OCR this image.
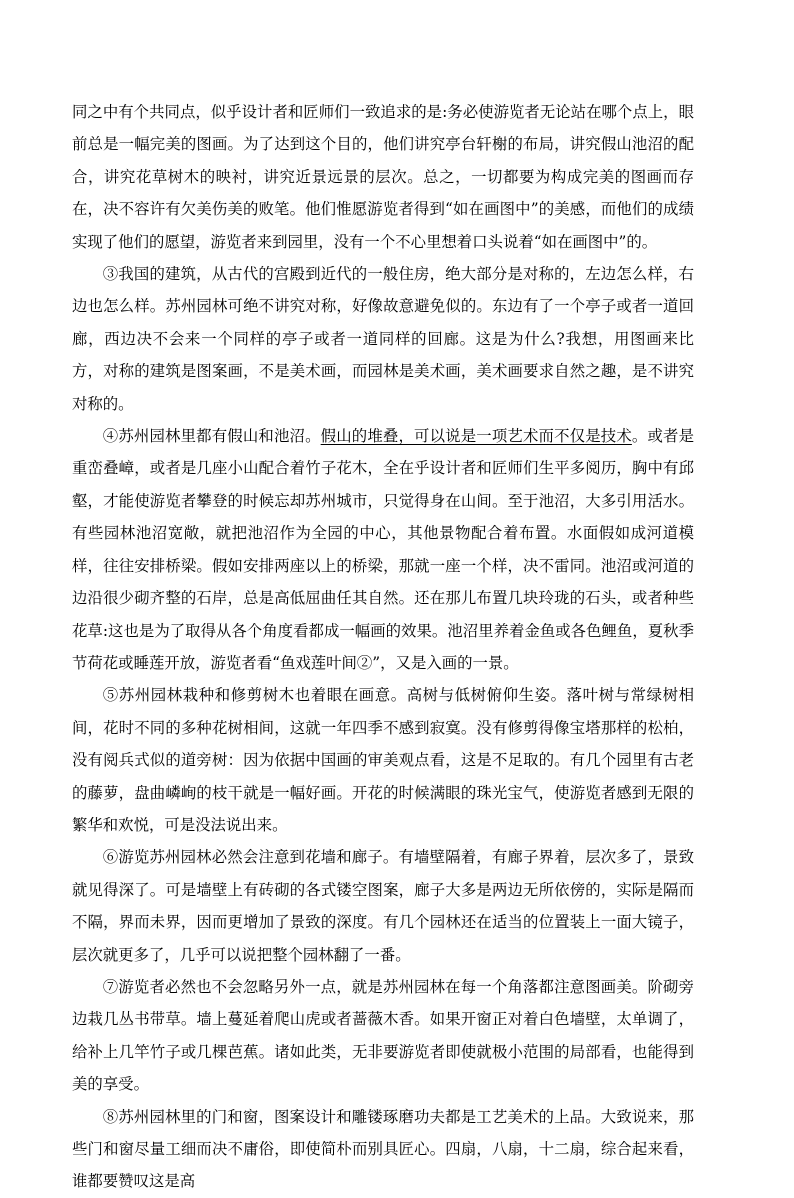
同之中有个共同点，似乎设计者和匠师们一致追求的是:务必使游览者无论站在哪个点上，眼前总是一幅完美的图画。为了达到这个目的，他们讲究亭台轩榭的布局，讲究假山池沼的配合，讲究花草树木的映衬，讲究近景远景的层次。总之，一切都要为构成完美的图画而存在，决不容许有欠美伤美的败笔。他们惟愿游览者得到“如在画图中”的美感，而他们的成绩实现了他们的愿望，游览者来到园里，没有一个不心里想着口头说着“如在画图中”的。

③我国的建筑，从古代的宫殿到近代的一般住房，绝大部分是对称的，左边怎么样，右边也怎么样。苏州园林可绝不讲究对称，好像故意避免似的。东边有了一个亭子或者一道回廊，西边决不会来一个同样的亭子或者一道同样的回廊。这是为什么?我想，用图画来比方，对称的建筑是图案画，不是美术画，而园林是美术画，美术画要求自然之趣，是不讲究对称的。

④苏州园林里都有假山和池沼。假山的堆叠，可以说是一项艺术而不仅是技术。或者是重峦叠嶂，或者是几座小山配合着竹子花木，全在乎设计者和匠师们生平多阅历，胸中有邱壑，才能使游览者攀登的时候忘却苏州城市，只觉得身在山间。至于池沼，大多引用活水。有些园林池沼宽敞，就把池沼作为全园的中心，其他景物配合着布置。水面假如成河道模样，往往安排桥梁。假如安排两座以上的桥梁，那就一座一个样，决不雷同。池沼或河道的边沿很少砌齐整的石岸，总是高低屈曲任其自然。还在那儿布置几块玲珑的石头，或者种些花草:这也是为了取得从各个角度看都成一幅画的效果。池沼里养着金鱼或各色鲤鱼，夏秋季节荷花或睡莲开放，游览者看“鱼戏莲叶间②”，又是入画的一景。

⑤苏州园林栽种和修剪树木也着眼在画意。高树与低树俯仰生姿。落叶树与常绿树相间，花时不同的多种花树相间，这就一年四季不感到寂寞。没有修剪得像宝塔那样的松柏，没有阅兵式似的道旁树：因为依据中国画的审美观点看，这是不足取的。有几个园里有古老的藤萝，盘曲嶙峋的枝干就是一幅好画。开花的时候满眼的珠光宝气，使游览者感到无限的繁华和欢悦，可是没法说出来。

⑥游览苏州园林必然会注意到花墙和廊子。有墙壁隔着，有廊子界着，层次多了，景致就见得深了。可是墙壁上有砖砌的各式镂空图案，廊子大多是两边无所依傍的，实际是隔而不隔，界而未界，因而更增加了景致的深度。有几个园林还在适当的位置装上一面大镜子，层次就更多了，几乎可以说把整个园林翻了一番。

⑦游览者必然也不会忽略另外一点，就是苏州园林在每一个角落都注意图画美。阶砌旁边栽几丛书带草。墙上蔓延着爬山虎或者蔷薇木香。如果开窗正对着白色墙壁，太单调了，给补上几竿竹子或几棵芭蕉。诸如此类，无非要游览者即使就极小范围的局部看，也能得到美的享受。

⑧苏州园林里的门和窗，图案设计和雕镂琢磨功夫都是工艺美术的上品。大致说来，那些门和窗尽量工细而决不庸俗，即使简朴而别具匠心。四扇，八扇，十二扇，综合起来看，谁都要赞叹这是高
